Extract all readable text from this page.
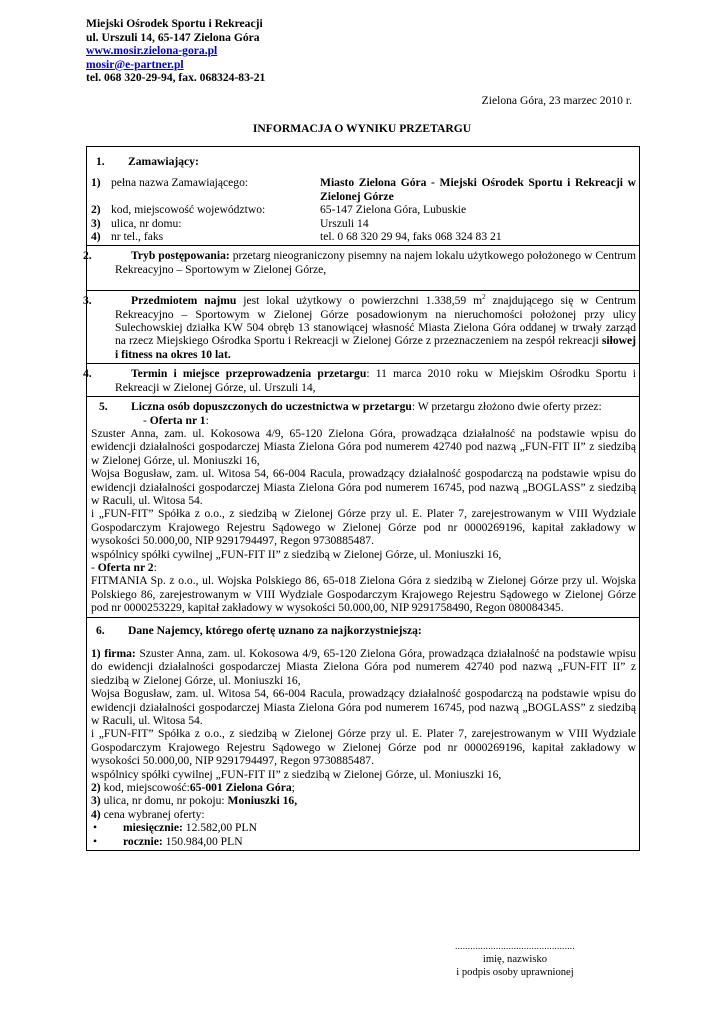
Miejski Ośrodek Sportu i Rekreacji
ul. Urszuli 14, 65-147 Zielona Góra
www.mosir.zielona-gora.pl
mosir@e-partner.pl
tel. 068 320-29-94, fax. 068324-83-21
Zielona Góra, 23 marzec 2010 r.
INFORMACJA O WYNIKU PRZETARGU
1. Zamawiający:
1) pełna nazwa Zamawiającego:	Miasto Zielona Góra - Miejski Ośrodek Sportu i Rekreacji w Zielonej Górze
2) kod, miejscowość województwo:	65-147 Zielona Góra, Lubuskie
3) ulica, nr domu:	Urszuli 14
4) nr tel., faks	tel. 0 68 320 29 94, faks 068 324 83 21

2.	Tryb postępowania: przetarg nieograniczony pisemny na najem lokalu użytkowego położonego w Centrum Rekreacyjno – Sportowym w Zielonej Górze,

3.	Przedmiotem najmu jest lokal użytkowy o powierzchni 1.338,59 $m^2$ znajdującego się w Centrum Rekreacyjno – Sportowym w Zielonej Górze posadowionym na nieruchomości położonej przy ulicy Sulechowskiej działka KW 504 obręb 13 stanowiącej własność Miasta Zielona Góra oddanej w trwały zarząd na rzecz Miejskiego Ośrodka Sportu i Rekreacji w Zielonej Górze z przeznaczeniem na zespół rekreacji siłowej i fitness na okres 10 lat.

4.	Termin i miejsce przeprowadzenia przetargu: 11 marca 2010 roku w Miejskim Ośrodku Sportu i Rekreacji w Zielonej Górze, ul. Urszuli 14,

5. Liczna osób dopuszczonych do uczestnictwa w przetargu: W przetargu złożono dwie oferty przez:
- Oferta nr 1:
Szuster Anna, zam. ul. Kokosowa 4/9, 65-120 Zielona Góra, prowadząca działalność na podstawie wpisu do ewidencji działalności gospodarczej Miasta Zielona Góra pod numerem 42740 pod nazwą „FUN-FIT II” z siedzibą w Zielonej Górze, ul. Moniuszki 16,
Wojsa Bogusław, zam. ul. Witosa 54, 66-004 Racula, prowadzący działalność gospodarczą na podstawie wpisu do ewidencji działalności gospodarczej Miasta Zielona Góra pod numerem 16745, pod nazwą „BOGLASS” z siedzibą w Raculi, ul. Witosa 54.
i „FUN-FIT” Spółka z o.o., z siedzibą w Zielonej Górze przy ul. E. Plater 7, zarejestrowanym w VIII Wydziale Gospodarczym Krajowego Rejestru Sądowego w Zielonej Górze pod nr 0000269196, kapitał zakładowy w wysokości 50.000,00, NIP 9291794497, Regon 9730885487.
wspólnicy spółki cywilnej „FUN-FIT II” z siedzibą w Zielonej Górze, ul. Moniuszki 16,
- Oferta nr 2:
FITMANIA Sp. z o.o., ul. Wojska Polskiego 86, 65-018 Zielona Góra z siedzibą w Zielonej Górze przy ul. Wojska Polskiego 86, zarejestrowanym w VIII Wydziale Gospodarczym Krajowego Rejestru Sądowego w Zielonej Górze pod nr 0000253229, kapitał zakładowy w wysokości 50.000,00, NIP 9291758490, Regon 080084345.

6. Dane Najemcy, którego ofertę uznano za najkorzystniejszą:
1) firma: Szuster Anna, zam. ul. Kokosowa 4/9, 65-120 Zielona Góra, prowadząca działalność na podstawie wpisu do ewidencji działalności gospodarczej Miasta Zielona Góra pod numerem 42740 pod nazwą „FUN-FIT II” z siedzibą w Zielonej Górze, ul. Moniuszki 16,
Wojsa Bogusław, zam. ul. Witosa 54, 66-004 Racula, prowadzący działalność gospodarczą na podstawie wpisu do ewidencji działalności gospodarczej Miasta Zielona Góra pod numerem 16745, pod nazwą „BOGLASS” z siedzibą w Raculi, ul. Witosa 54.
i „FUN-FIT” Spółka z o.o., z siedzibą w Zielonej Górze przy ul. E. Plater 7, zarejestrowanym w VIII Wydziale Gospodarczym Krajowego Rejestru Sądowego w Zielonej Górze pod nr 0000269196, kapitał zakładowy w wysokości 50.000,00, NIP 9291794497, Regon 9730885487.
wspólnicy spółki cywilnej „FUN-FIT II” z siedzibą w Zielonej Górze, ul. Moniuszki 16,
2) kod, miejscowość:65-001 Zielona Góra;
3) ulica, nr domu, nr pokoju: Moniuszki 16,
4) cena wybranej oferty:
•	miesięcznie: 12.582,00 PLN
•	rocznie: 150.984,00 PLN
...............................................
imię, nazwisko
i podpis osoby uprawnionej
